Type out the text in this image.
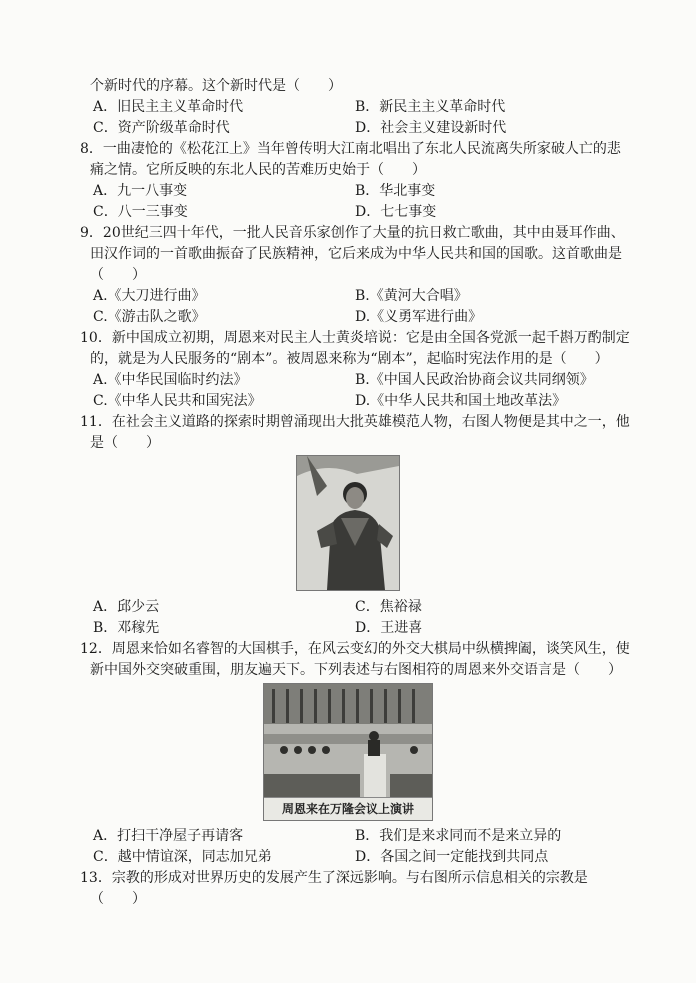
个新时代的序幕。这个新时代是（　　）
A．旧民主主义革命时代	B．新民主主义革命时代
C．资产阶级革命时代	D．社会主义建设新时代
8．一曲凄怆的《松花江上》当年曾传明大江南北唱出了东北人民流离失所家破人亡的悲
痛之情。它所反映的东北人民的苦难历史始于（　　）
A．九一八事变	B．华北事变
C．八一三事变	D．七七事变
9．20世纪三四十年代，一批人民音乐家创作了大量的抗日救亡歌曲，其中由聂耳作曲、
田汉作词的一首歌曲振奋了民族精神，它后来成为中华人民共和国的国歌。这首歌曲是
（　　）
A.《大刀进行曲》	B.《黄河大合唱》
C.《游击队之歌》	D.《义勇军进行曲》
10．新中国成立初期，周恩来对民主人士黄炎培说：它是由全国各党派一起千斟万酌制定
的，就是为人民服务的“剧本”。被周恩来称为“剧本”，起临时宪法作用的是（　　）
A.《中华民国临时约法》	B.《中国人民政治协商会议共同纲领》
C.《中华人民共和国宪法》	D.《中华人民共和国土地改革法》
11．在社会主义道路的探索时期曾涌现出大批英雄模范人物，右图人物便是其中之一，他
是（　　）
A．邱少云	C．焦裕禄
B．邓稼先	D．王进喜
12．周恩来恰如名睿智的大国棋手，在风云变幻的外交大棋局中纵横捭阖，谈笑风生，使
新中国外交突破重围，朋友遍天下。下列表述与右图相符的周恩来外交语言是（　　）
周恩来在万隆会议上演讲
A．打扫干净屋子再请客	B．我们是来求同而不是来立异的
C．越中情谊深，同志加兄弟	D．各国之间一定能找到共同点
13．宗教的形成对世界历史的发展产生了深远影响。与右图所示信息相关的宗教是
（　　）
